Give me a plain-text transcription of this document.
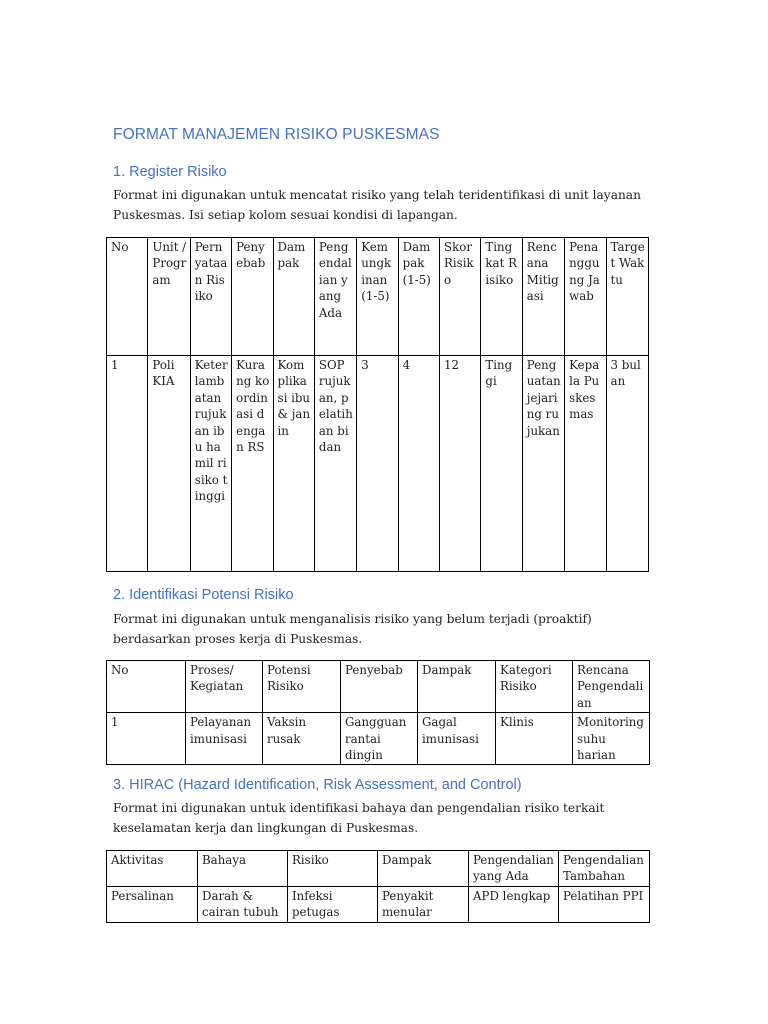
FORMAT MANAJEMEN RISIKO PUSKESMAS
1. Register Risiko

Format ini digunakan untuk mencatat risiko yang telah teridentifikasi di unit layanan Puskesmas. Isi setiap kolom sesuai kondisi di lapangan.

No	Unit / Program	Pernyataan Risiko	Penyebab	Dampak	Pengendalian yang Ada	Kemungkinan (1-5)	Dampak (1-5)	Skor Risiko	Tingkat Risiko	Rencana Mitigasi	Penanggung Jawab	Target Waktu
1	Poli KIA	Keterlambatan rujukan ibu hamil risiko tinggi	Kurang koordinasi dengan RS	Komplikasi ibu & janin	SOP rujukan, pelatihan bidan	3	4	12	Tinggi	Penguatan jejaring rujukan	Kepala Puskesmas	3 bulan
2. Identifikasi Potensi Risiko

Format ini digunakan untuk menganalisis risiko yang belum terjadi (proaktif) berdasarkan proses kerja di Puskesmas.

No	Proses/ Kegiatan	Potensi Risiko	Penyebab	Dampak	Kategori Risiko	Rencana Pengendalian
1	Pelayanan imunisasi	Vaksin rusak	Gangguan rantai dingin	Gagal imunisasi	Klinis	Monitoring suhu harian
3. HIRAC (Hazard Identification, Risk Assessment, and Control)

Format ini digunakan untuk identifikasi bahaya dan pengendalian risiko terkait keselamatan kerja dan lingkungan di Puskesmas.

Aktivitas	Bahaya	Risiko	Dampak	Pengendalian yang Ada	Pengendalian Tambahan
Persalinan	Darah & cairan tubuh	Infeksi petugas	Penyakit menular	APD lengkap	Pelatihan PPI
